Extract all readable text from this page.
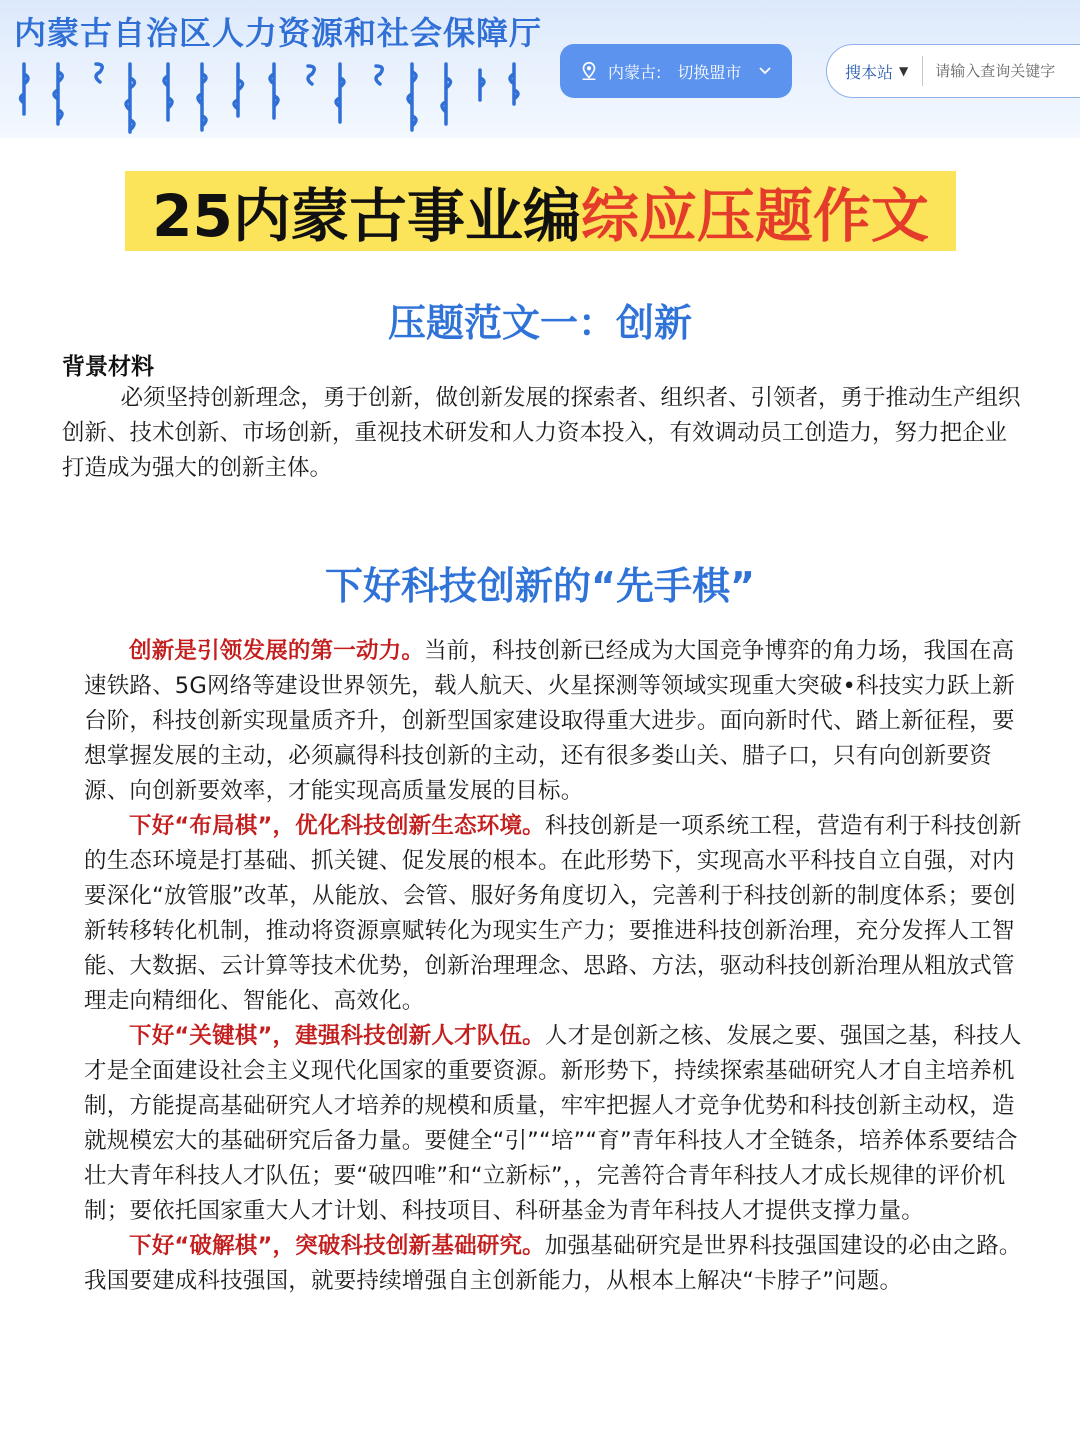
内蒙古自治区人力资源和社会保障厅
内蒙古: 切换盟市	搜本站 ▼
请输入查询关键字
25内蒙古事业编 综应压题作文
压题范文一：创新
背景材料
必须坚持创新理念，勇于创新，做创新发展的探索者、组织者、引领者，勇于推动生产组织创新、技术创新、市场创新，重视技术研发和人力资本投入，有效调动员工创造力，努力把企业打造成为强大的创新主体。
下好科技创新的“先手棋”

创新是引领发展的第一动力。当前，科技创新已经成为大国竞争博弈的角力场，我国在高速铁路、5G网络等建设世界领先，载人航天、火星探测等领域实现重大突破•科技实力跃上新台阶，科技创新实现量质齐升，创新型国家建设取得重大进步。面向新时代、踏上新征程，要想掌握发展的主动，必须赢得科技创新的主动，还有很多娄山关、腊子口，只有向创新要资源、向创新要效率，才能实现高质量发展的目标。

下好“布局棋”，优化科技创新生态环境。科技创新是一项系统工程，营造有利于科技创新的生态环境是打基础、抓关键、促发展的根本。在此形势下，实现高水平科技自立自强，对内要深化“放管服”改革，从能放、会管、服好务角度切入，完善利于科技创新的制度体系；要创新转移转化机制，推动将资源禀赋转化为现实生产力；要推进科技创新治理，充分发挥人工智能、大数据、云计算等技术优势，创新治理理念、思路、方法，驱动科技创新治理从粗放式管理走向精细化、智能化、高效化。

下好“关键棋”，建强科技创新人才队伍。人才是创新之核、发展之要、强国之基，科技人才是全面建设社会主义现代化国家的重要资源。新形势下，持续探索基础研究人才自主培养机制，方能提高基础研究人才培养的规模和质量，牢牢把握人才竞争优势和科技创新主动权，造就规模宏大的基础研究后备力量。要健全“引”“培”“育”青年科技人才全链条，培养体系要结合壮大青年科技人才队伍；要“破四唯”和“立新标”，，完善符合青年科技人才成长规律的评价机制；要依托国家重大人才计划、科技项目、科研基金为青年科技人才提供支撑力量。

下好“破解棋”，突破科技创新基础研究。加强基础研究是世界科技强国建设的必由之路。我国要建成科技强国，就要持续增强自主创新能力，从根本上解决“卡脖子”问题。
